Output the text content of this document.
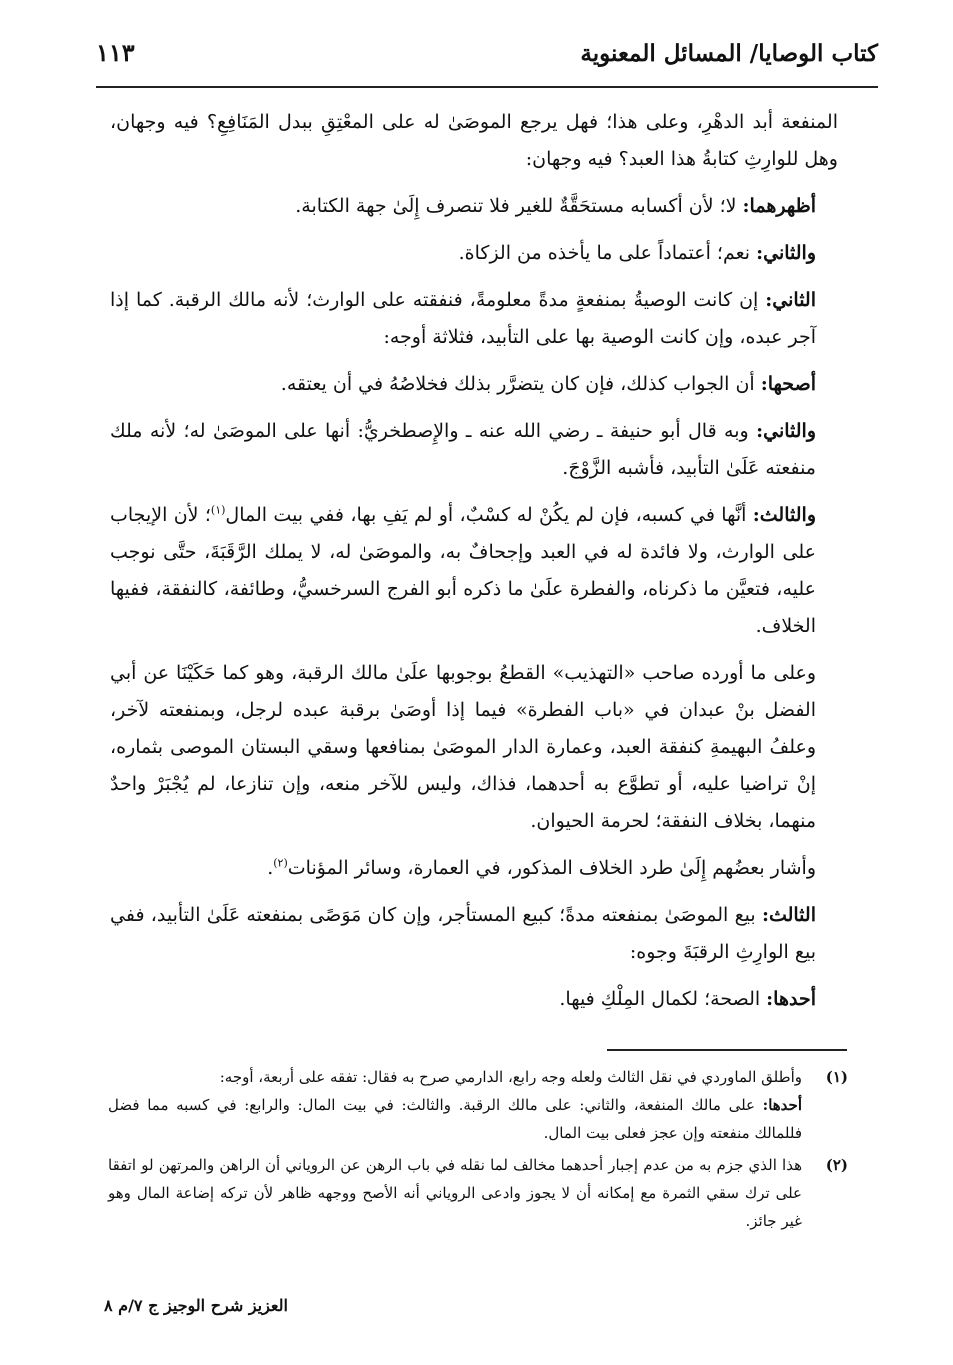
كتاب الوصايا/ المسائل المعنوية
١١٣

المنفعة أبد الدهْرِ، وعلى هذا؛ فهل يرجع الموصَىٰ له على المعْتِقِ ببدل المَنَافِعِ؟ فيه وجهان، وهل للوارِثِ كتابةُ هذا العبد؟ فيه وجهان:

أظهرهما: لا؛ لأن أكسابه مستحَقَّةٌ للغير فلا تنصرف إِلَىٰ جهة الكتابة.

والثاني: نعم؛ أعتماداً على ما يأخذه من الزكاة.

الثاني: إن كانت الوصيةُ بمنفعةٍ مدةً معلومةً، فنفقته على الوارث؛ لأنه مالك الرقبة. كما إذا آجر عبده، وإن كانت الوصية بها على التأبيد، فثلاثة أوجه:

أصحها: أن الجواب كذلك، فإن كان يتضرَّر بذلك فخلاصُهُ في أن يعتقه.

والثاني: وبه قال أبو حنيفة ـ رضي الله عنه ـ والإِصطخريُّ: أنها على الموصَىٰ له؛ لأنه ملك منفعته عَلَىٰ التأبيد، فأشبه الزَّوْجَ.

والثالث: أنَّها في كسبه، فإن لم يكُنْ له كسْبٌ، أو لم يَفِ بها، ففي بيت المال$^{(١)}$؛ لأن الإيجاب على الوارث، ولا فائدة له في العبد وإجحافٌ به، والموصَىٰ له، لا يملك الرَّقَبَةَ، حتَّى نوجب عليه، فتعيَّن ما ذكرناه، والفطرة علَىٰ ما ذكره أبو الفرج السرخسيُّ، وطائفة، كالنفقة، ففيها الخلاف.

وعلى ما أورده صاحب «التهذيب» القطعُ بوجوبها علَىٰ مالك الرقبة، وهو كما حَكَيْنَا عن أبي الفضل بنْ عبدان في «باب الفطرة» فيما إذا أوصَىٰ برقبة عبده لرجل، وبمنفعته لآخر، وعلفُ البهيمةِ كنفقة العبد، وعمارة الدار الموصَىٰ بمنافعها وسقي البستان الموصى بثماره، إنْ تراضيا عليه، أو تطوَّع به أحدهما، فذاك، وليس للآخر منعه، وإن تنازعا، لم يُجْبَرْ واحدٌ منهما، بخلاف النفقة؛ لحرمة الحيوان.

وأشار بعضُهم إِلَىٰ طرد الخلاف المذكور، في العمارة، وسائر المؤنات$^{(٢)}$.

الثالث: بيع الموصَىٰ بمنفعته مدةً؛ كبيع المستأجر، وإن كان مَوَصًى بمنفعته عَلَىٰ التأبيد، ففي بيع الوارِثِ الرقبَةَ وجوه:

أحدها: الصحة؛ لكمال المِلْكِ فيها.

(١)

وأطلق الماوردي في نقل الثالث ولعله وجه رابع، الدارمي صرح به فقال: تفقه على أربعة، أوجه:

أحدها: على مالك المنفعة، والثاني: على مالك الرقبة. والثالث: في بيت المال: والرابع: في كسبه مما فضل فللمالك منفعته وإن عجز فعلى بيت المال.

(٢)

هذا الذي جزم به من عدم إجبار أحدهما مخالف لما نقله في باب الرهن عن الروياني أن الراهن والمرتهن لو اتفقا على ترك سقي الثمرة مع إمكانه أن لا يجوز وادعى الروياني أنه الأصح ووجهه ظاهر لأن تركه إضاعة المال وهو غير جائز.

العزيز شرح الوجيز ج ٧/م ٨
